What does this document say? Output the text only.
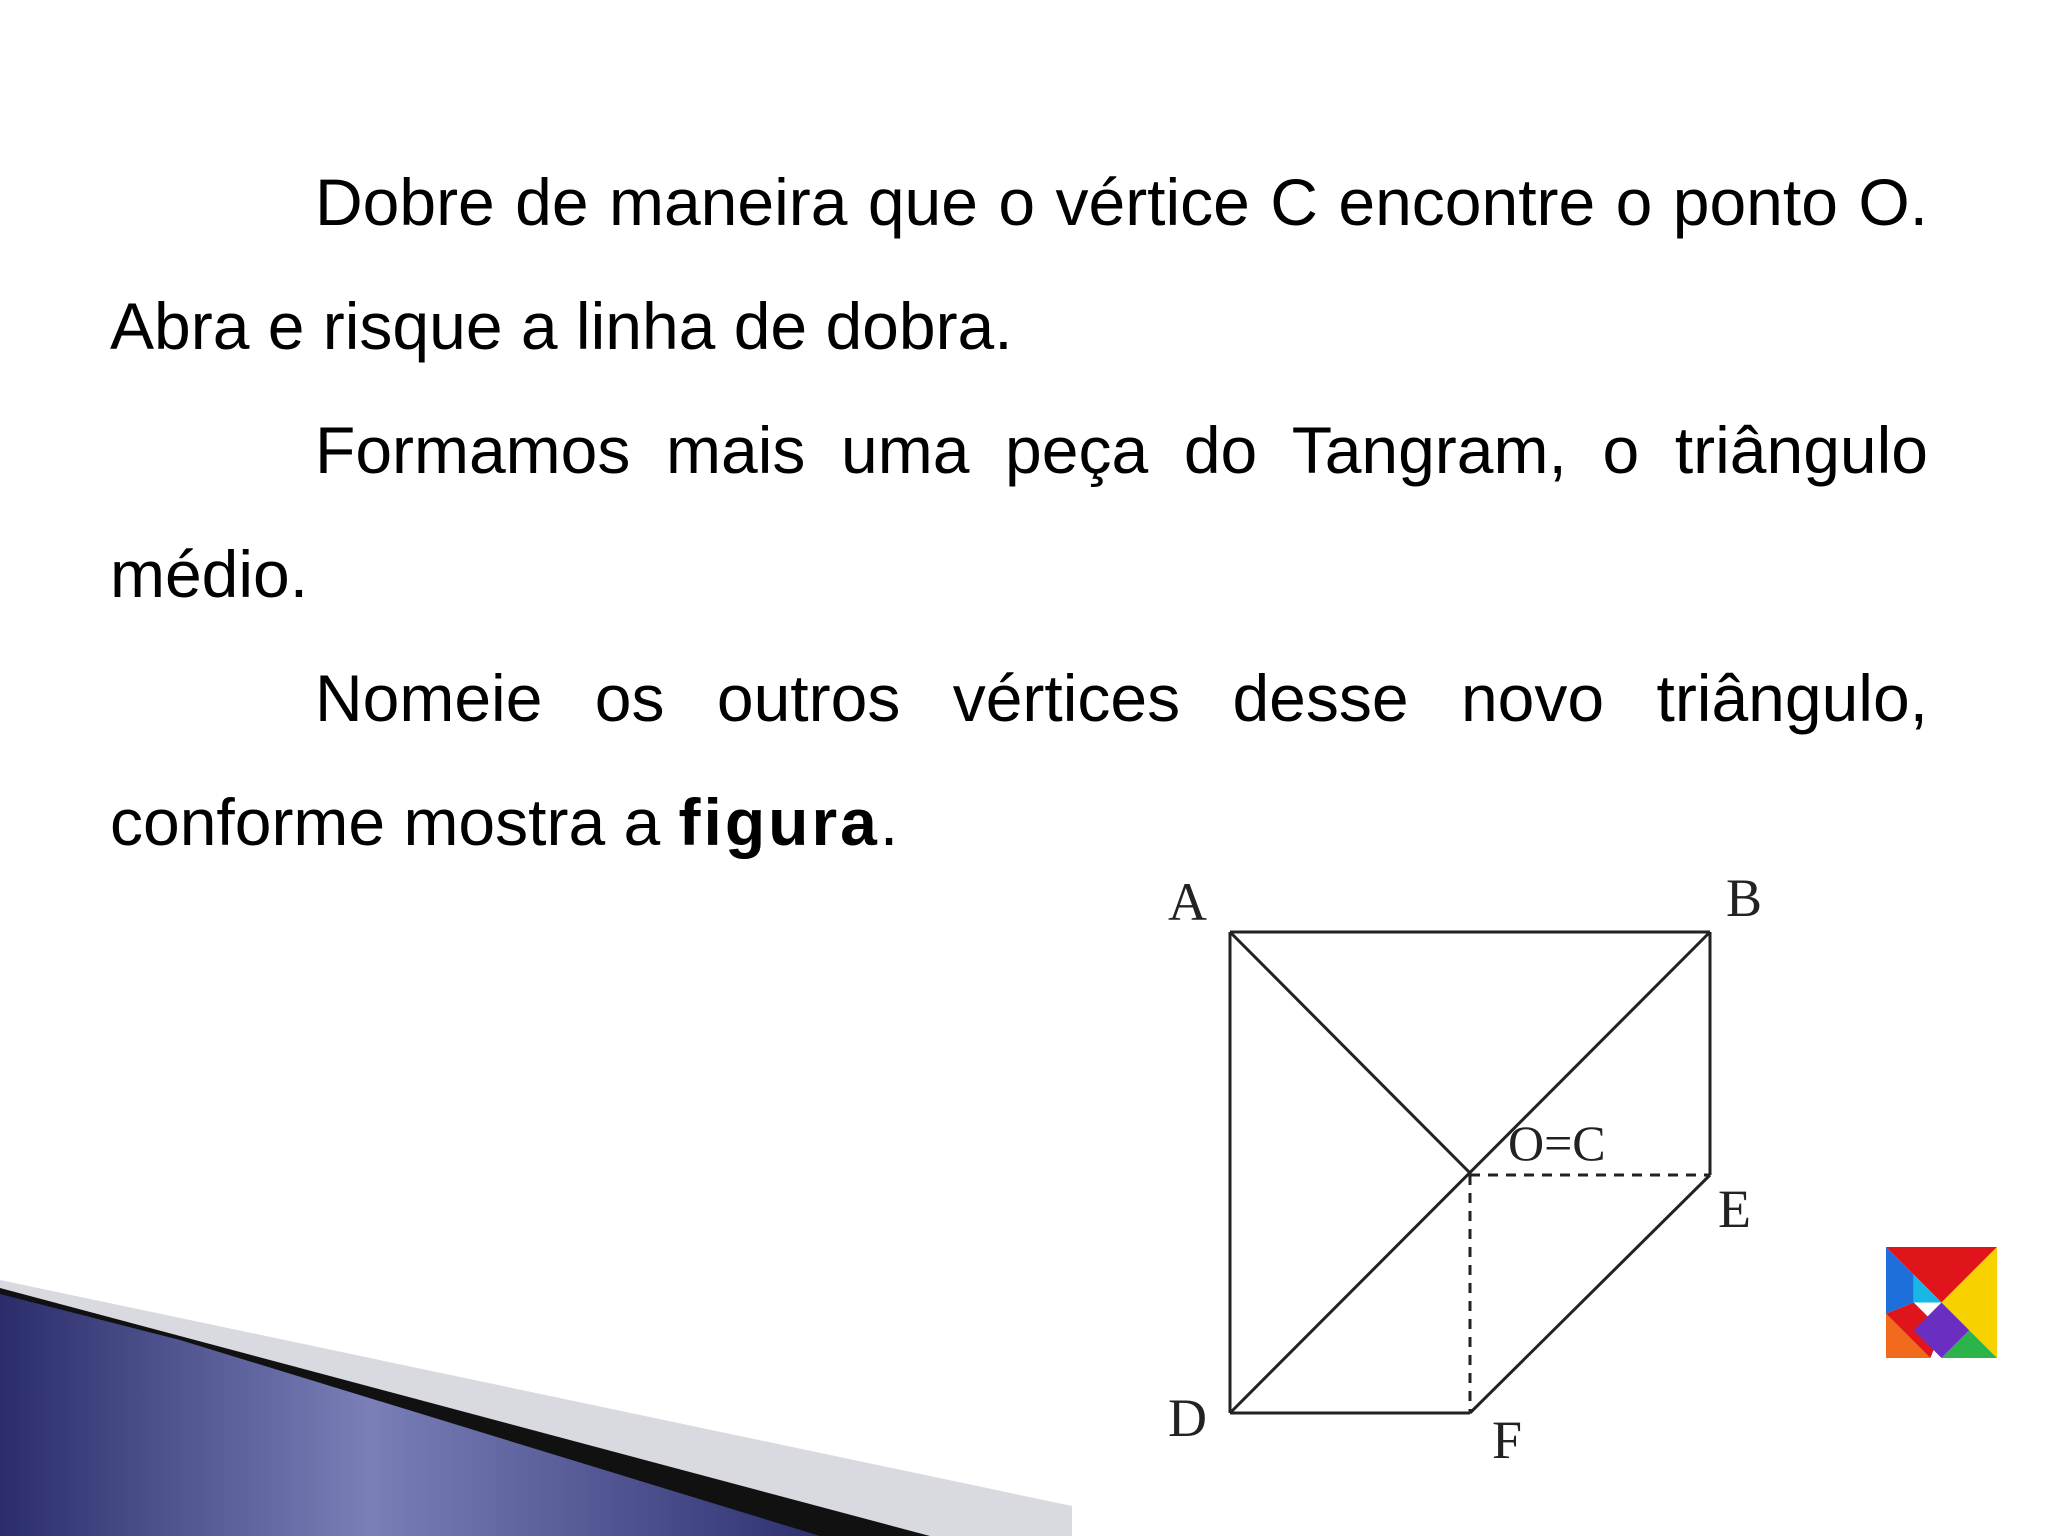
Dobre de maneira que o vértice C encontre o ponto O. Abra e risque a linha de dobra.

Formamos mais uma peça do Tangram, o triângulo médio.

Nomeie os outros vértices desse novo triângulo, conforme mostra a figura.

A	B
O=C
E
D	F
